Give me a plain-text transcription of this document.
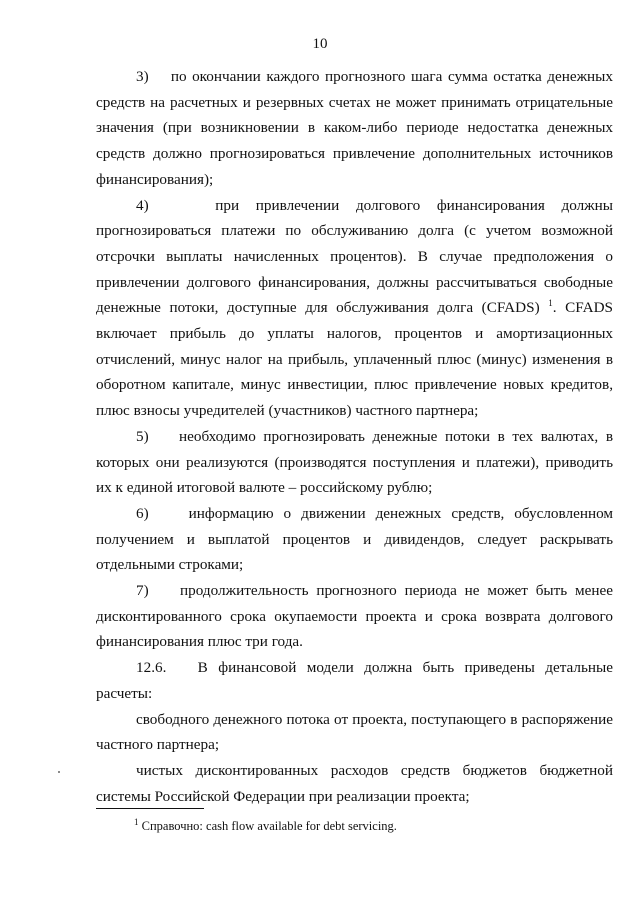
10

3)    по окончании каждого прогнозного шага сумма остатка денежных средств на расчетных и резервных счетах не может принимать отрицательные значения (при возникновении в каком-либо периоде недостатка денежных средств должно прогнозироваться привлечение дополнительных источников финансирования);

4)    при привлечении долгового финансирования должны прогнозироваться платежи по обслуживанию долга (с учетом возможной отсрочки выплаты начисленных процентов). В случае предположения о привлечении долгового финансирования, должны рассчитываться свободные денежные потоки, доступные для обслуживания долга (CFADS) $^1$. CFADS включает прибыль до уплаты налогов, процентов и амортизационных отчислений, минус налог на прибыль, уплаченный плюс (минус) изменения в оборотном капитале, минус инвестиции, плюс привлечение новых кредитов, плюс взносы учредителей (участников) частного партнера;

5)    необходимо прогнозировать денежные потоки в тех валютах, в которых они реализуются (производятся поступления и платежи), приводить их к единой итоговой валюте – российскому рублю;

6)    информацию о движении денежных средств, обусловленном получением и выплатой процентов и дивидендов, следует раскрывать отдельными строками;

7)    продолжительность прогнозного периода не может быть менее дисконтированного срока окупаемости проекта и срока возврата долгового финансирования плюс три года.

12.6.   В финансовой модели должна быть приведены детальные расчеты:

свободного денежного потока от проекта, поступающего в распоряжение частного партнера;

чистых дисконтированных расходов средств бюджетов бюджетной системы Российской Федерации при реализации проекта;

$^1$ Справочно: cash flow available for debt servicing.
